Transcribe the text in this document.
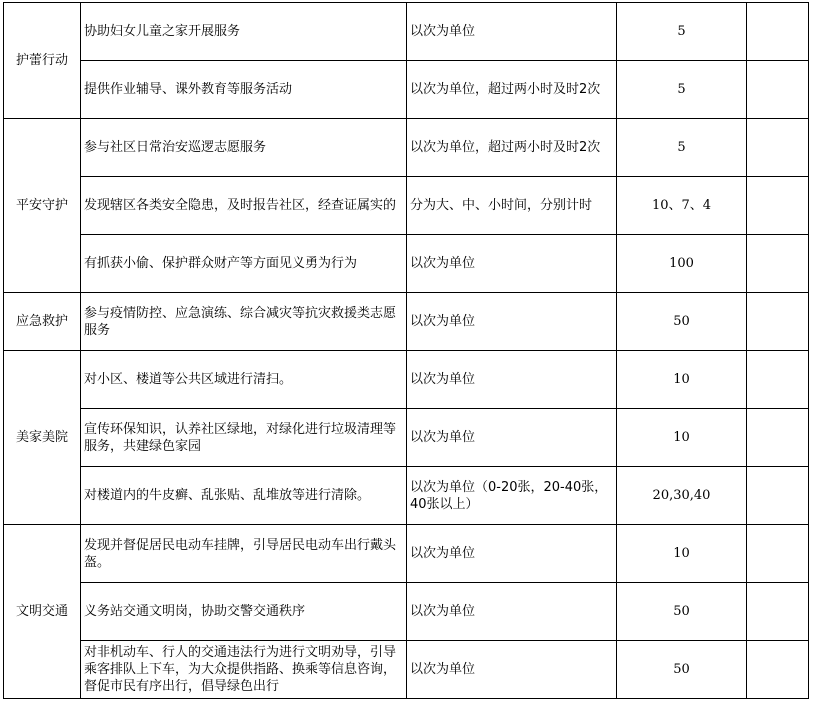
护蕾行动	协助妇女儿童之家开展服务	以次为单位	5	
	提供作业辅导、课外教育等服务活动	以次为单位，超过两小时及时2次	5	
平安守护	参与社区日常治安巡逻志愿服务	以次为单位，超过两小时及时2次	5	
	发现辖区各类安全隐患，及时报告社区，经查证属实的	分为大、中、小时间，分别计时	10、7、4	
	有抓获小偷、保护群众财产等方面见义勇为行为	以次为单位	100	
应急救护	参与疫情防控、应急演练、综合减灾等抗灾救援类志愿服务	以次为单位	50	
美家美院	对小区、楼道等公共区域进行清扫。	以次为单位	10	
	宣传环保知识，认养社区绿地，对绿化进行垃圾清理等服务，共建绿色家园	以次为单位	10	
	对楼道内的牛皮癣、乱张贴、乱堆放等进行清除。	以次为单位（0-20张，20-40张，40张以上）	20,30,40	
文明交通	发现并督促居民电动车挂牌，引导居民电动车出行戴头盔。	以次为单位	10	
	义务站交通文明岗，协助交警交通秩序	以次为单位	50	
	对非机动车、行人的交通违法行为进行文明劝导，引导乘客排队上下车，为大众提供指路、换乘等信息咨询，督促市民有序出行，倡导绿色出行	以次为单位	50	
